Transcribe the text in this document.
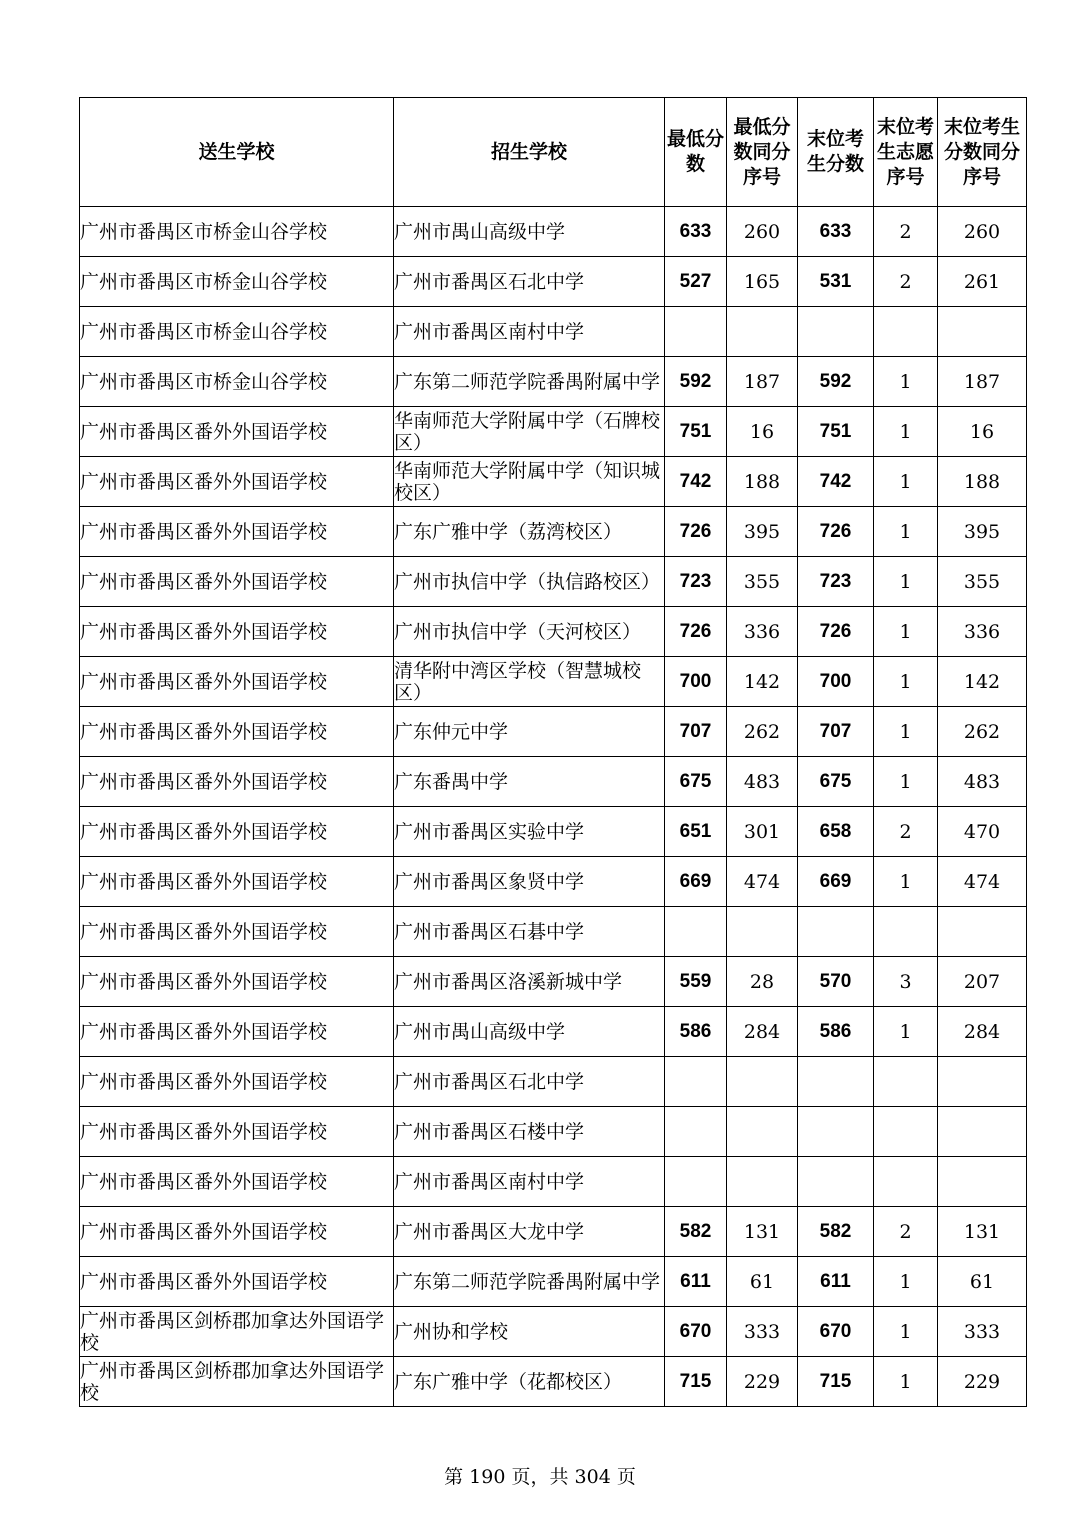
送生学校	招生学校	最低分数	最低分数同分序号	末位考生分数	末位考生志愿序号	末位考生分数同分序号
广州市番禺区市桥金山谷学校	广州市禺山高级中学	633	260	633	2	260
广州市番禺区市桥金山谷学校	广州市番禺区石北中学	527	165	531	2	261
广州市番禺区市桥金山谷学校	广州市番禺区南村中学					
广州市番禺区市桥金山谷学校	广东第二师范学院番禺附属中学	592	187	592	1	187
广州市番禺区番外外国语学校	华南师范大学附属中学（石牌校区）	751	16	751	1	16
广州市番禺区番外外国语学校	华南师范大学附属中学（知识城校区）	742	188	742	1	188
广州市番禺区番外外国语学校	广东广雅中学（荔湾校区）	726	395	726	1	395
广州市番禺区番外外国语学校	广州市执信中学（执信路校区）	723	355	723	1	355
广州市番禺区番外外国语学校	广州市执信中学（天河校区）	726	336	726	1	336
广州市番禺区番外外国语学校	清华附中湾区学校（智慧城校区）	700	142	700	1	142
广州市番禺区番外外国语学校	广东仲元中学	707	262	707	1	262
广州市番禺区番外外国语学校	广东番禺中学	675	483	675	1	483
广州市番禺区番外外国语学校	广州市番禺区实验中学	651	301	658	2	470
广州市番禺区番外外国语学校	广州市番禺区象贤中学	669	474	669	1	474
广州市番禺区番外外国语学校	广州市番禺区石碁中学					
广州市番禺区番外外国语学校	广州市番禺区洛溪新城中学	559	28	570	3	207
广州市番禺区番外外国语学校	广州市禺山高级中学	586	284	586	1	284
广州市番禺区番外外国语学校	广州市番禺区石北中学					
广州市番禺区番外外国语学校	广州市番禺区石楼中学					
广州市番禺区番外外国语学校	广州市番禺区南村中学					
广州市番禺区番外外国语学校	广州市番禺区大龙中学	582	131	582	2	131
广州市番禺区番外外国语学校	广东第二师范学院番禺附属中学	611	61	611	1	61
广州市番禺区剑桥郡加拿达外国语学校	广州协和学校	670	333	670	1	333
广州市番禺区剑桥郡加拿达外国语学校	广东广雅中学（花都校区）	715	229	715	1	229
第 190 页，共 304 页
